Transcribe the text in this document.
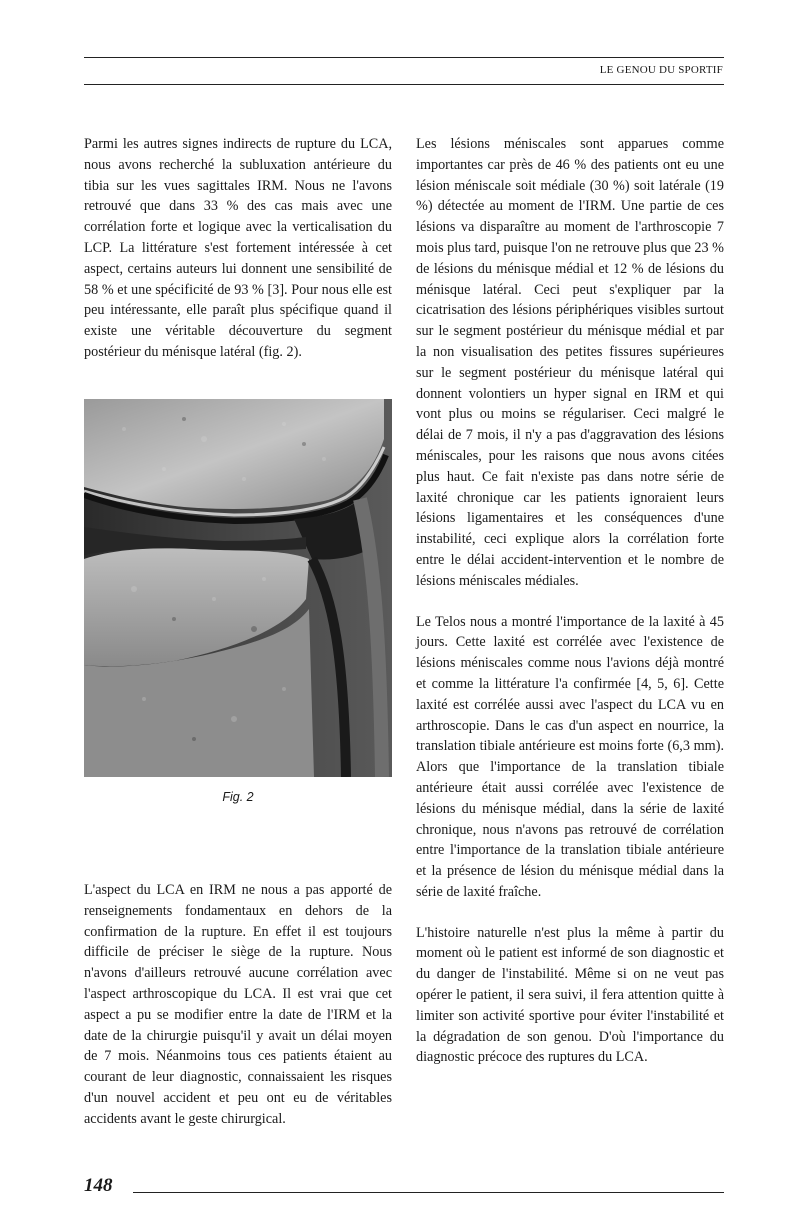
LE GENOU DU SPORTIF

Parmi les autres signes indirects de rupture du LCA, nous avons recherché la subluxation antérieure du tibia sur les vues sagittales IRM. Nous ne l'avons retrouvé que dans 33 % des cas mais avec une corrélation forte et logique avec la verticalisation du LCP. La littérature s'est fortement intéressée à cet aspect, certains auteurs lui donnent une sensibilité de 58 % et une spécificité de 93 % [3]. Pour nous elle est peu intéressante, elle paraît plus spécifique quand il existe une véritable découverture du segment postérieur du ménisque latéral (fig. 2).

Fig. 2

L'aspect du LCA en IRM ne nous a pas apporté de renseignements fondamentaux en dehors de la confirmation de la rupture. En effet il est toujours difficile de préciser le siège de la rupture. Nous n'avons d'ailleurs retrouvé aucune corrélation avec l'aspect arthroscopique du LCA. Il est vrai que cet aspect a pu se modifier entre la date de l'IRM et la date de la chirurgie puisqu'il y avait un délai moyen de 7 mois. Néanmoins tous ces patients étaient au courant de leur diagnostic, connaissaient les risques d'un nouvel accident et peu ont eu de véritables accidents avant le geste chirurgical.

Les lésions méniscales sont apparues comme importantes car près de 46 % des patients ont eu une lésion méniscale soit médiale (30 %) soit latérale (19 %) détectée au moment de l'IRM. Une partie de ces lésions va disparaître au moment de l'arthroscopie 7 mois plus tard, puisque l'on ne retrouve plus que 23 % de lésions du ménisque médial et 12 % de lésions du ménisque latéral. Ceci peut s'expliquer par la cicatrisation des lésions périphériques visibles surtout sur le segment postérieur du ménisque médial et par la non visualisation des petites fissures supérieures sur le segment postérieur du ménisque latéral qui donnent volontiers un hyper signal en IRM et qui vont plus ou moins se régulariser. Ceci malgré le délai de 7 mois, il n'y a pas d'aggravation des lésions méniscales, pour les raisons que nous avons citées plus haut. Ce fait n'existe pas dans notre série de laxité chronique car les patients ignoraient leurs lésions ligamentaires et les conséquences d'une instabilité, ceci explique alors la corrélation forte entre le délai accident-intervention et le nombre de lésions méniscales médiales.

Le Telos nous a montré l'importance de la laxité à 45 jours. Cette laxité est corrélée avec l'existence de lésions méniscales comme nous l'avions déjà montré et comme la littérature l'a confirmée [4, 5, 6]. Cette laxité est corrélée aussi avec l'aspect du LCA vu en arthroscopie. Dans le cas d'un aspect en nourrice, la translation tibiale antérieure est moins forte (6,3 mm). Alors que l'importance de la translation tibiale antérieure était aussi corrélée avec l'existence de lésions du ménisque médial, dans la série de laxité chronique, nous n'avons pas retrouvé de corrélation entre l'importance de la translation tibiale antérieure et la présence de lésion du ménisque médial dans la série de laxité fraîche.

L'histoire naturelle n'est plus la même à partir du moment où le patient est informé de son diagnostic et du danger de l'instabilité. Même si on ne veut pas opérer le patient, il sera suivi, il fera attention quitte à limiter son activité sportive pour éviter l'instabilité et la dégradation de son genou. D'où l'importance du diagnostic précoce des ruptures du LCA.

148
